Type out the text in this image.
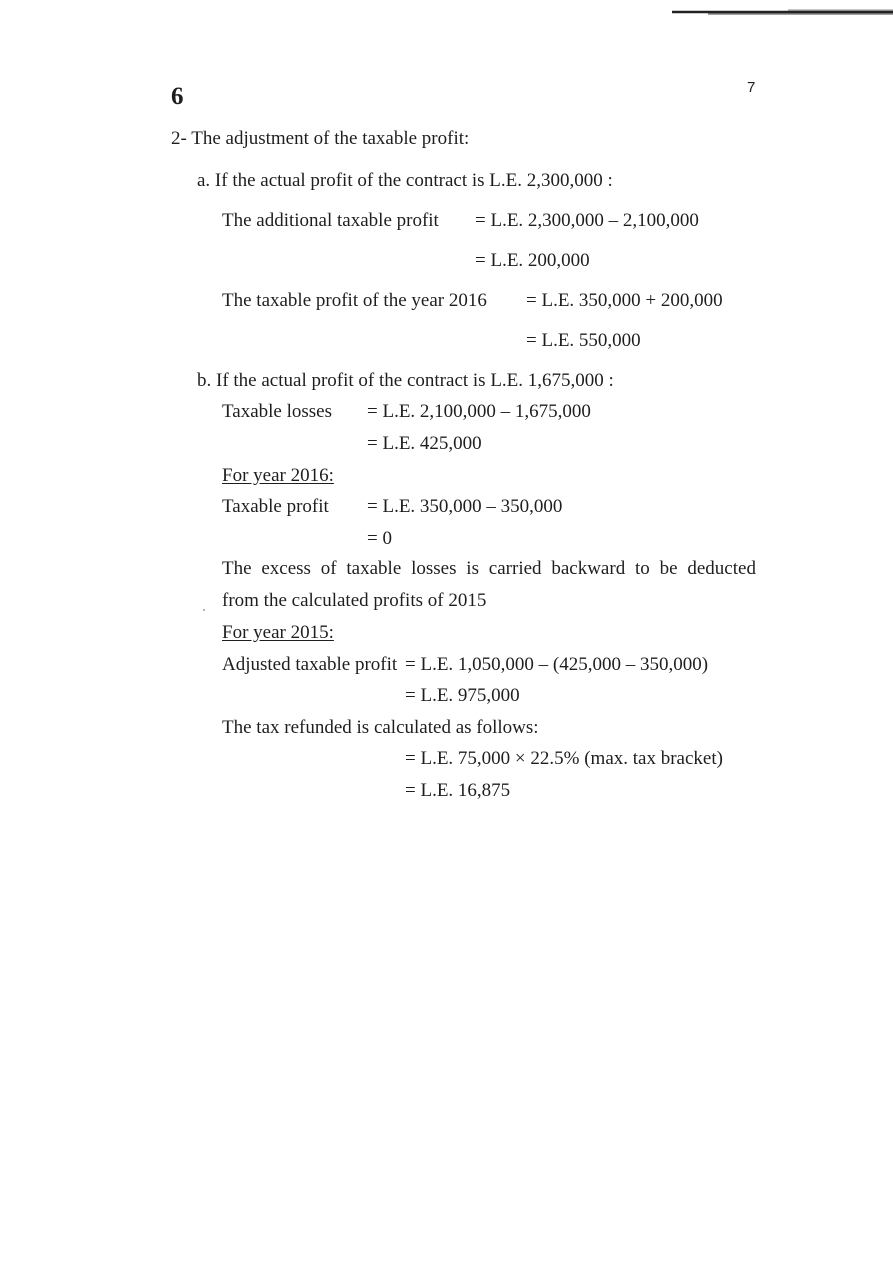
6	7
2- The adjustment of the taxable profit:
a. If the actual profit of the contract is L.E. 2,300,000 :
The additional taxable profit = L.E. 2,300,000 – 2,100,000
= L.E. 200,000
The taxable profit of the year 2016 = L.E. 350,000 + 200,000
= L.E. 550,000
b. If the actual profit of the contract is L.E. 1,675,000 :
Taxable losses = L.E. 2,100,000 – 1,675,000
= L.E. 425,000
For year 2016:
Taxable profit = L.E. 350,000 – 350,000
= 0
The excess of taxable losses is carried backward to be deducted
from the calculated profits of 2015
For year 2015:
Adjusted taxable profit = L.E. 1,050,000 – (425,000 – 350,000)
= L.E. 975,000
The tax refunded is calculated as follows:
= L.E. 75,000 × 22.5% (max. tax bracket)
= L.E. 16,875
